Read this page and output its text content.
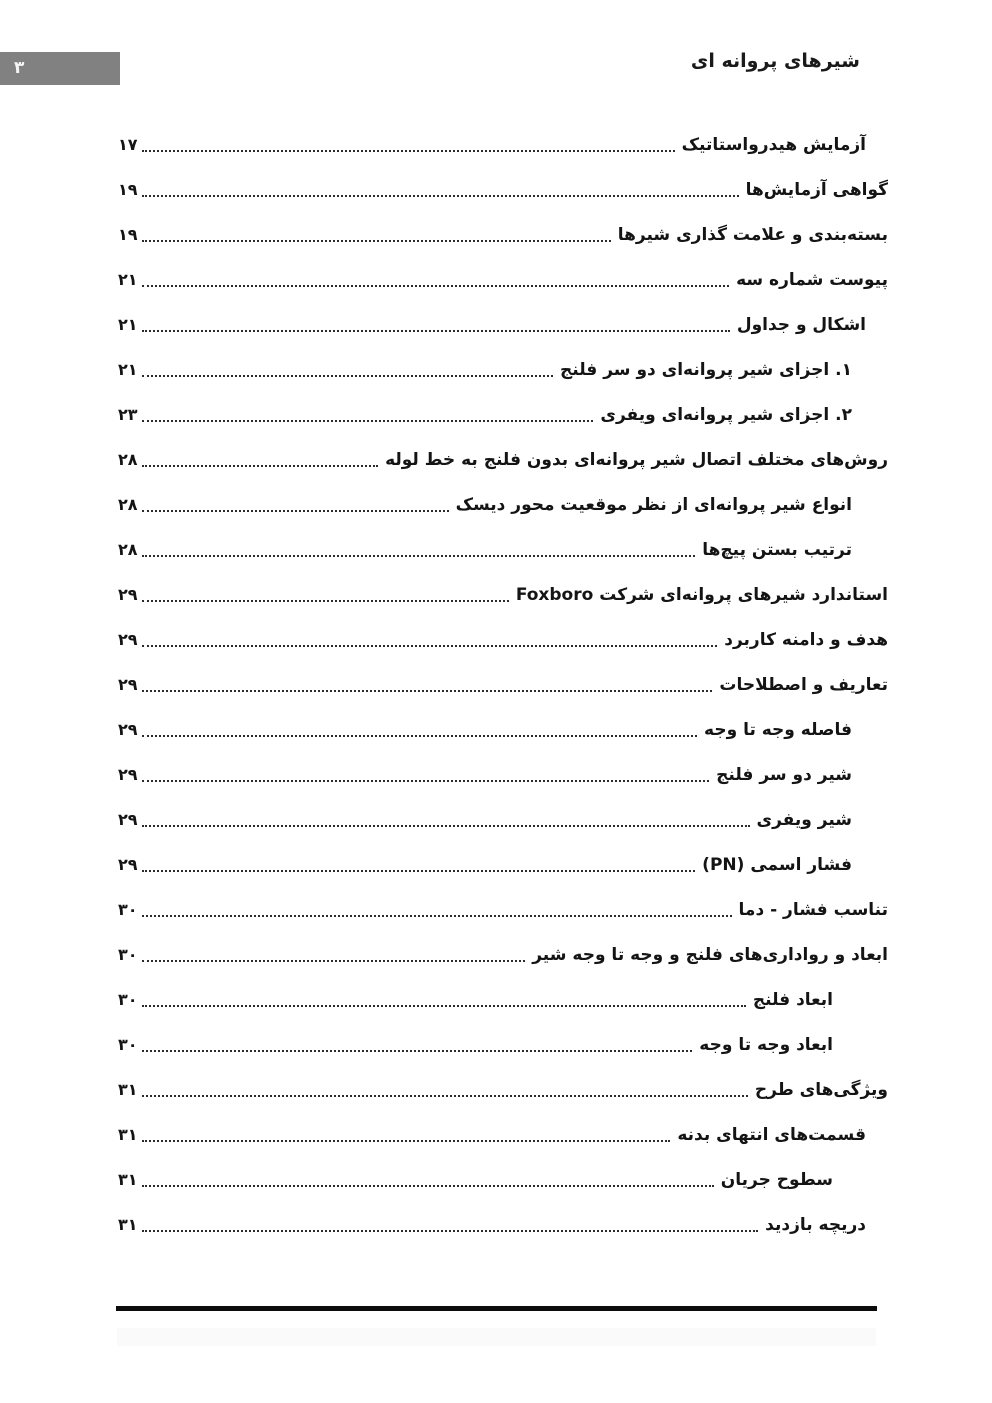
شیرهای پروانه ای
۳
آزمایش هیدرواستاتیک
۱۷
گواهی آزمایش‌ها
۱۹
بسته‌بندی و علامت گذاری شیرها
۱۹
پیوست شماره سه
۲۱
اشکال و جداول
۲۱
۱. اجزای شیر پروانه‌ای دو سر فلنج
۲۱
۲. اجزای شیر پروانه‌ای ویفری
۲۳
روش‌های مختلف اتصال شیر پروانه‌ای بدون فلنج به خط لوله
۲۸
انواع شیر پروانه‌ای از نظر موقعیت محور دیسک
۲۸
ترتیب بستن پیچ‌ها
۲۸
استاندارد شیرهای پروانه‌ای شرکت Foxboro
۲۹
هدف و دامنه کاربرد
۲۹
تعاریف و اصطلاحات
۲۹
فاصله وجه تا وجه
۲۹
شیر دو سر فلنج
۲۹
شیر ویفری
۲۹
فشار اسمی (PN)
۲۹
تناسب فشار - دما
۳۰
ابعاد و رواداری‌های فلنج و وجه تا وجه شیر
۳۰
ابعاد فلنج
۳۰
ابعاد وجه تا وجه
۳۰
ویژگی‌های طرح
۳۱
قسمت‌های انتهای بدنه
۳۱
سطوح جریان
۳۱
دریچه بازدید
۳۱
